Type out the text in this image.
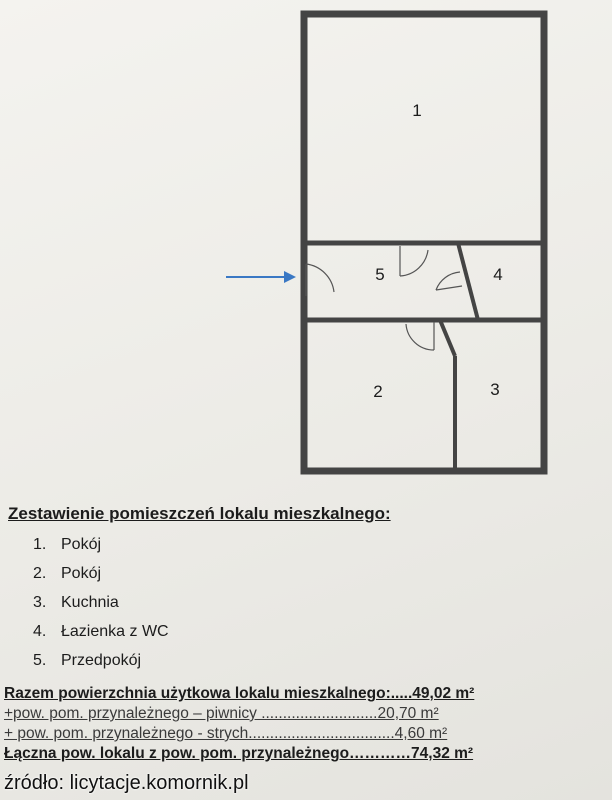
1
2	3
4
5
Zestawienie pomieszczeń lokalu mieszkalnego:
1. Pokój
2. Pokój
3. Kuchnia
4. Łazienka z WC
5. Przedpokój
Razem powierzchnia użytkowa lokalu mieszkalnego:.....49,02 m²
+pow. pom. przynależnego – piwnicy ...........................20,70 m²
+ pow. pom. przynależnego - strych..................................4,60 m²
Łączna pow. lokalu z pow. pom. przynależnego…………74,32 m²
źródło: licytacje.komornik.pl
